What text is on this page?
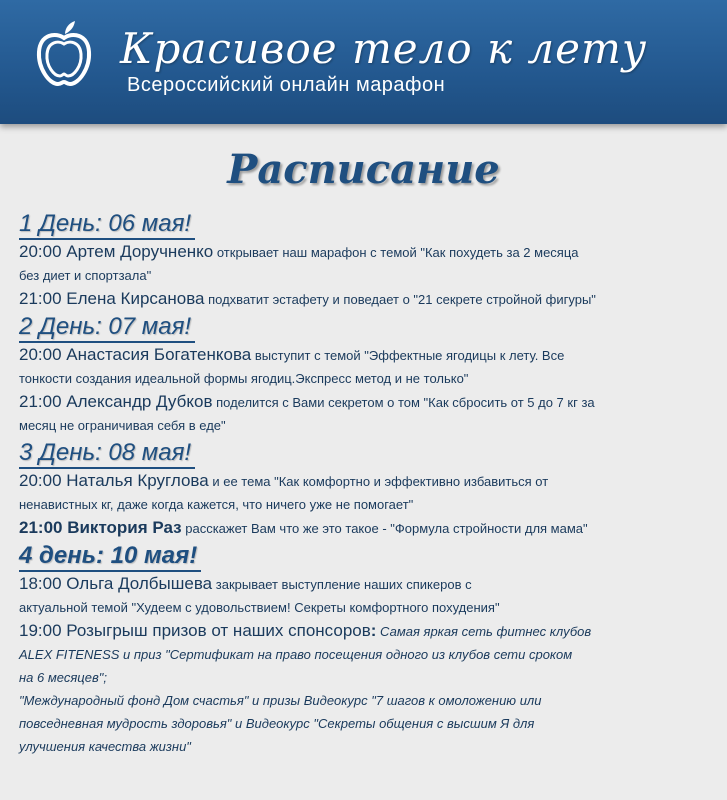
Красивое тело к лету
Всероссийский онлайн марафон
Расписание
1 День: 06 мая!
20:00 Артем Доручненко открывает наш марафон с темой "Как похудеть за 2 месяца
без диет и спортзала"
21:00 Елена Кирсанова подхватит эстафету и поведает о "21 секрете стройной фигуры"
2 День: 07 мая!
20:00 Анастасия Богатенкова выступит с темой "Эффектные ягодицы к лету. Все
тонкости создания идеальной формы ягодиц.Экспресс метод и не только"
21:00 Александр Дубков поделится с Вами секретом о том "Как сбросить от 5 до 7 кг за
месяц не ограничивая себя в еде"
3 День: 08 мая!
20:00 Наталья Круглова и ее тема "Как комфортно и эффективно избавиться от
ненавистных кг, даже когда кажется, что ничего уже не помогает"
21:00 Виктория Раз расскажет Вам что же это такое - "Формула стройности для мама"
4 день: 10 мая!
18:00 Ольга Долбышева закрывает выступление наших спикеров с
актуальной темой "Худеем с удовольствием! Секреты комфортного похудения"
19:00 Розыгрыш призов от наших спонсоров: Самая яркая сеть фитнес клубов
ALEX FITENESS и приз "Сертификат на право посещения одного из клубов сети сроком
на 6 месяцев";
"Международный фонд Дом счастья" и призы Видеокурс "7 шагов к омоложению или
повседневная мудрость здоровья" и Видеокурс "Секреты общения с высшим Я для
улучшения качества жизни"
